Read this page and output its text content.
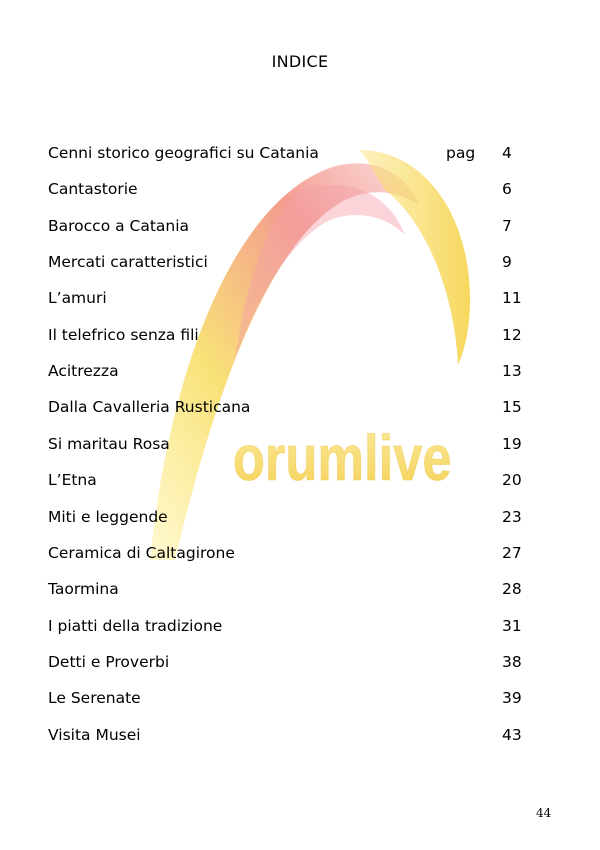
orumlive
INDICE
Cenni storico geografici su Catania	pag 4
Cantastorie	6
Barocco a Catania	7
Mercati caratteristici	9
L’amuri	11
Il telefrico senza fili	12
Acitrezza	13
Dalla Cavalleria Rusticana	15
Si maritau Rosa	19
L’Etna	20
Miti e leggende	23
Ceramica di Caltagirone	27
Taormina	28
I piatti della tradizione	31
Detti e Proverbi	38
Le Serenate	39
Visita Musei	43
44
